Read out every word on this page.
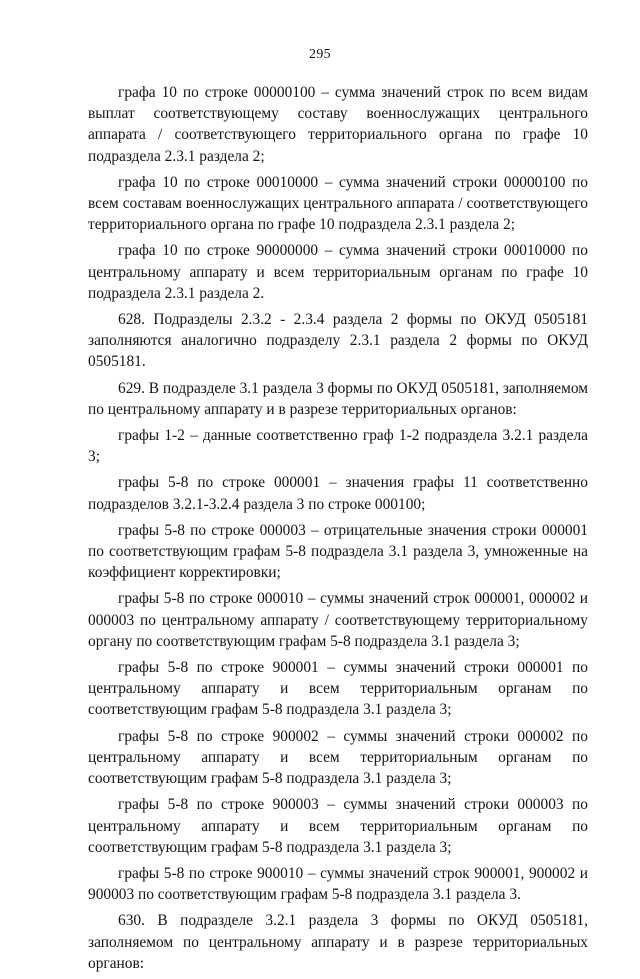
295

графа 10 по строке 00000100 – сумма значений строк по всем видам выплат соответствующему составу военнослужащих центрального аппарата / соответствующего территориального органа по графе 10 подраздела 2.3.1 раздела 2;

графа 10 по строке 00010000 – сумма значений строки 00000100 по всем составам военнослужащих центрального аппарата / соответствующего территориального органа по графе 10 подраздела 2.3.1 раздела 2;

графа 10 по строке 90000000 – сумма значений строки 00010000 по центральному аппарату и всем территориальным органам по графе 10 подраздела 2.3.1 раздела 2.

628. Подразделы 2.3.2 - 2.3.4 раздела 2 формы по ОКУД 0505181 заполняются аналогично подразделу 2.3.1 раздела 2 формы по ОКУД 0505181.

629. В подразделе 3.1 раздела 3 формы по ОКУД 0505181, заполняемом по центральному аппарату и в разрезе территориальных органов:

графы 1-2 – данные соответственно граф 1-2 подраздела 3.2.1 раздела 3;

графы 5-8 по строке 000001 – значения графы 11 соответственно подразделов 3.2.1-3.2.4 раздела 3 по строке 000100;

графы 5-8 по строке 000003 – отрицательные значения строки 000001 по соответствующим графам 5-8 подраздела 3.1 раздела 3, умноженные на коэффициент корректировки;

графы 5-8 по строке 000010 – суммы значений строк 000001, 000002 и 000003 по центральному аппарату / соответствующему территориальному органу по соответствующим графам 5-8 подраздела 3.1 раздела 3;

графы 5-8 по строке 900001 – суммы значений строки 000001 по центральному аппарату и всем территориальным органам по соответствующим графам 5-8 подраздела 3.1 раздела 3;

графы 5-8 по строке 900002 – суммы значений строки 000002 по центральному аппарату и всем территориальным органам по соответствующим графам 5-8 подраздела 3.1 раздела 3;

графы 5-8 по строке 900003 – суммы значений строки 000003 по центральному аппарату и всем территориальным органам по соответствующим графам 5-8 подраздела 3.1 раздела 3;

графы 5-8 по строке 900010 – суммы значений строк 900001, 900002 и 900003 по соответствующим графам 5-8 подраздела 3.1 раздела 3.

630. В подразделе 3.2.1 раздела 3 формы по ОКУД 0505181, заполняемом по центральному аппарату и в разрезе территориальных органов:
